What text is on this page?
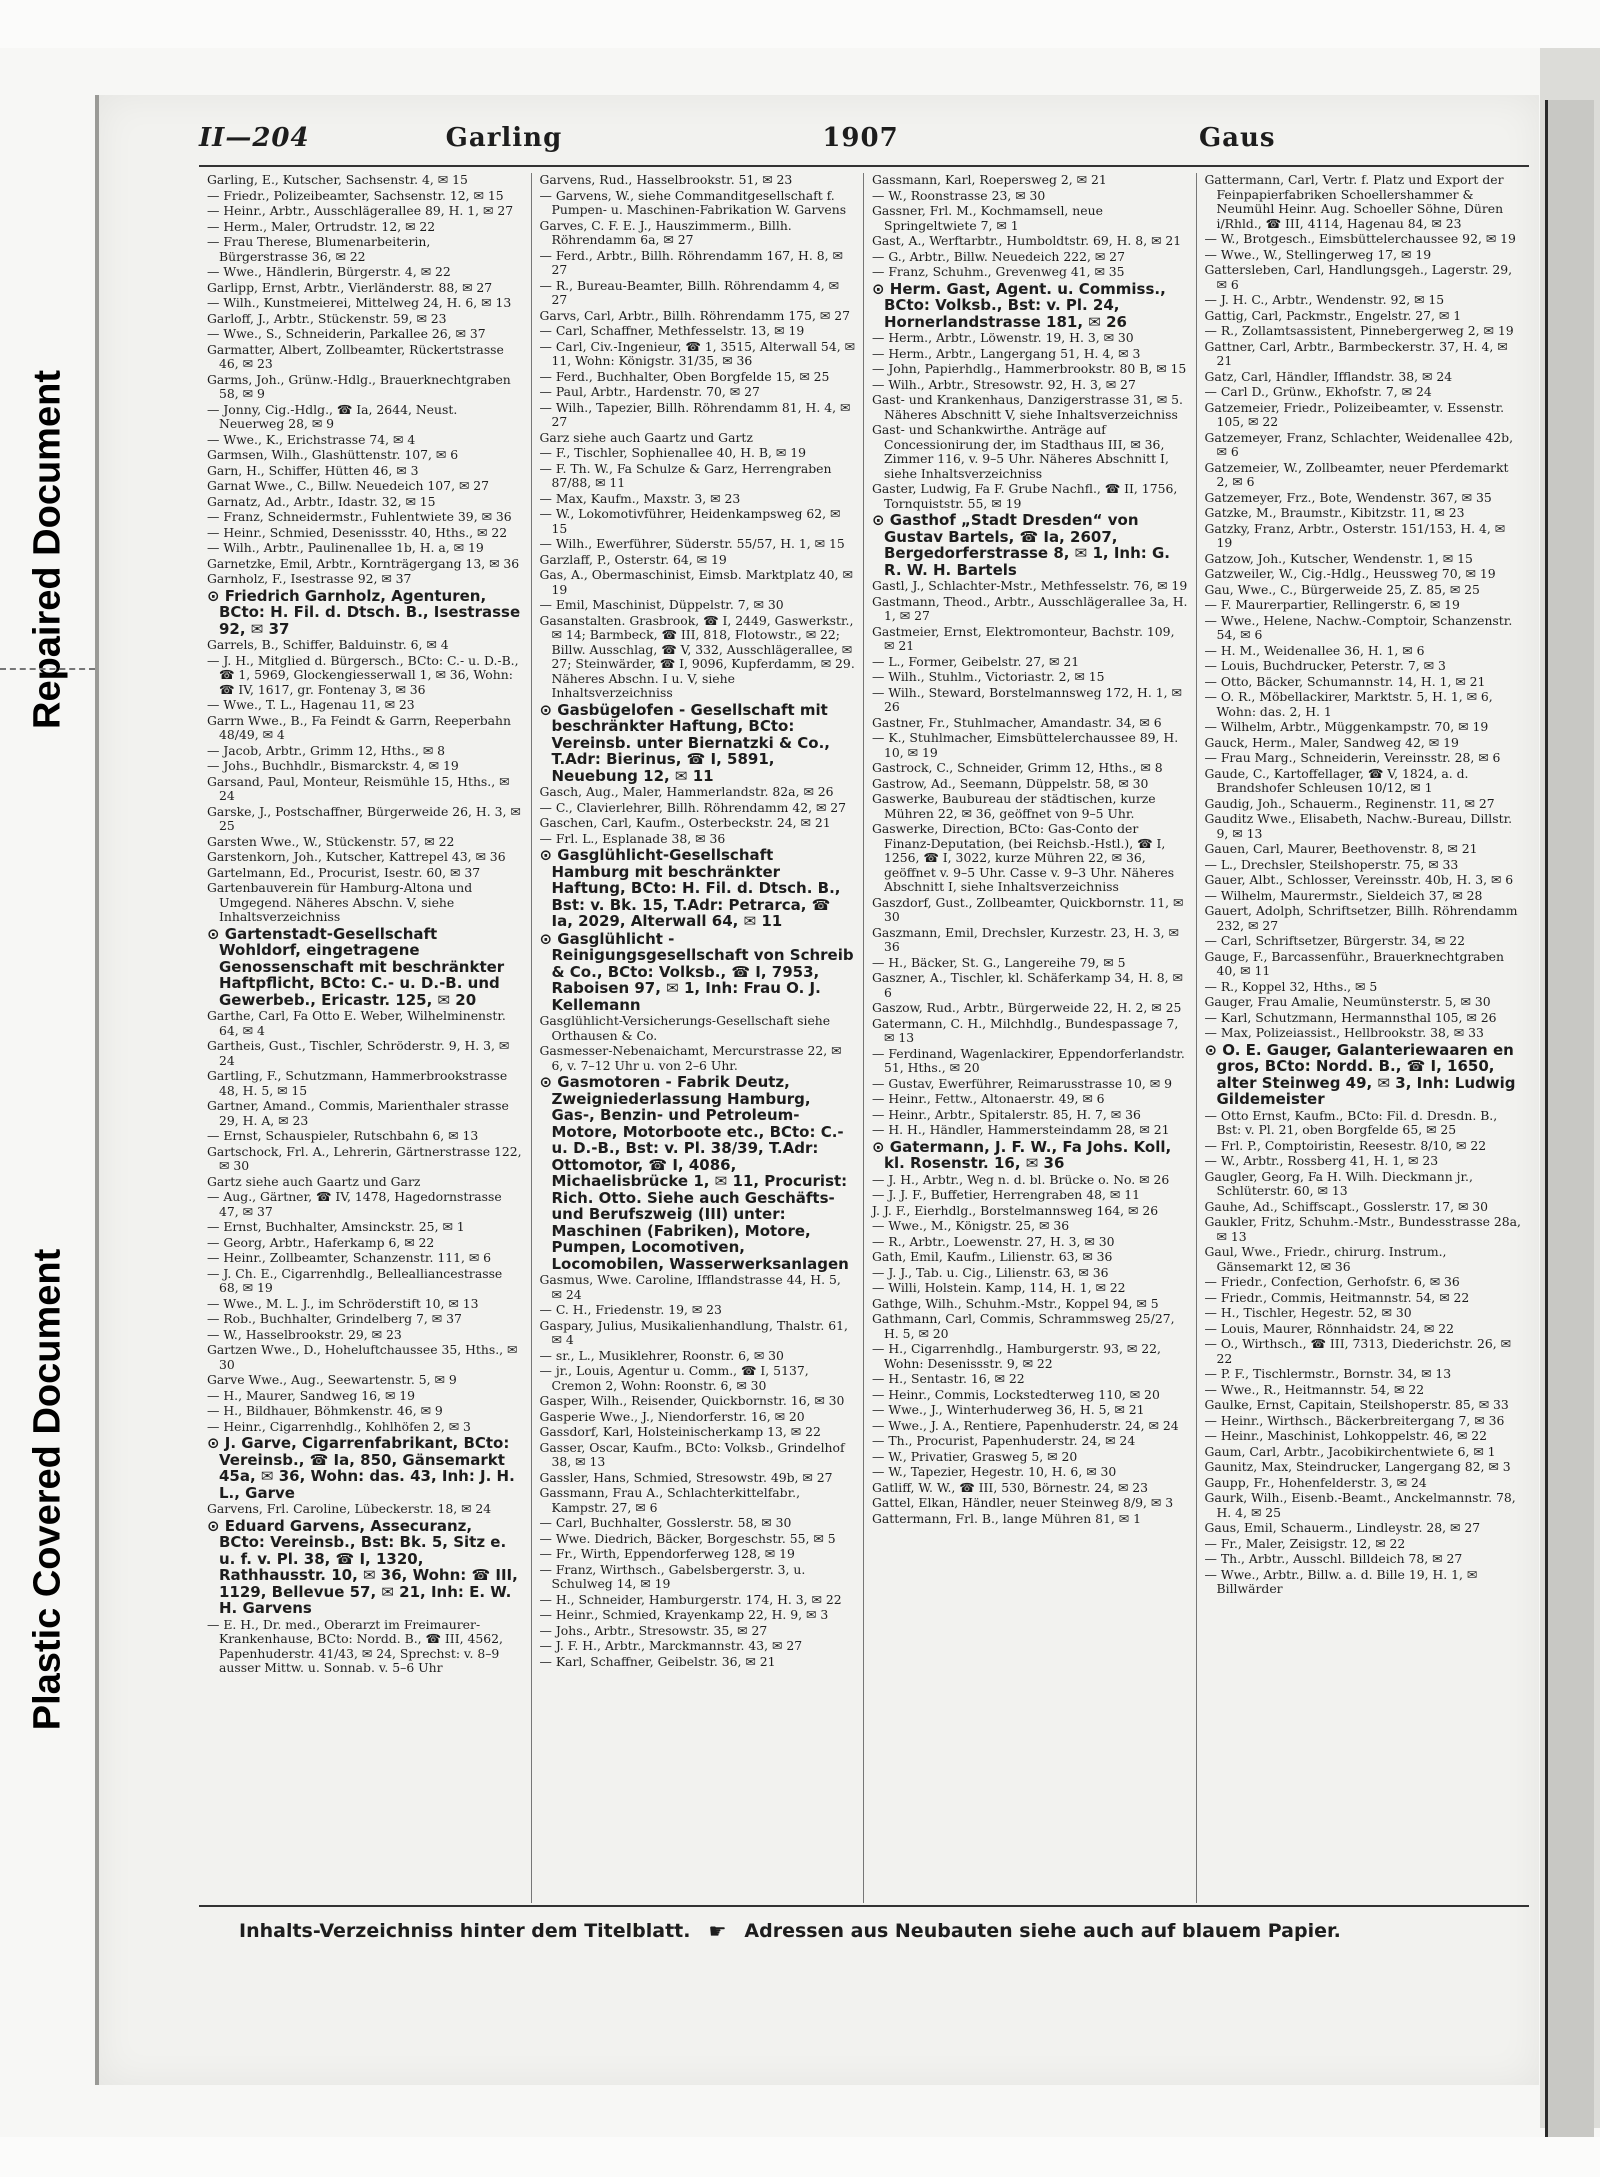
Repaired Document
Plastic Covered Document
II—204	Garling	1907	Gaus
Garling, E., Kutscher, Sachsenstr. 4, ✉ 15
— Friedr., Polizeibeamter, Sachsenstr. 12, ✉ 15
— Heinr., Arbtr., Ausschlägerallee 89, H. 1, ✉ 27
— Herm., Maler, Ortrudstr. 12, ✉ 22
— Frau Therese, Blumenarbeiterin, Bürgerstrasse 36, ✉ 22
— Wwe., Händlerin, Bürgerstr. 4, ✉ 22
Garlipp, Ernst, Arbtr., Vierländerstr. 88, ✉ 27
— Wilh., Kunstmeierei, Mittelweg 24, H. 6, ✉ 13
Garloff, J., Arbtr., Stückenstr. 59, ✉ 23
— Wwe., S., Schneiderin, Parkallee 26, ✉ 37
Garmatter, Albert, Zollbeamter, Rückertstrasse 46, ✉ 23
Garms, Joh., Grünw.-Hdlg., Brauerknechtgraben 58, ✉ 9
— Jonny, Cig.-Hdlg., ☎ Ia, 2644, Neust. Neuerweg 28, ✉ 9
— Wwe., K., Erichstrasse 74, ✉ 4
Garmsen, Wilh., Glashüttenstr. 107, ✉ 6
Garn, H., Schiffer, Hütten 46, ✉ 3
Garnat Wwe., C., Billw. Neuedeich 107, ✉ 27
Garnatz, Ad., Arbtr., Idastr. 32, ✉ 15
— Franz, Schneidermstr., Fuhlentwiete 39, ✉ 36
— Heinr., Schmied, Desenissstr. 40, Hths., ✉ 22
— Wilh., Arbtr., Paulinenallee 1b, H. a, ✉ 19
Garnetzke, Emil, Arbtr., Kornträgergang 13, ✉ 36
Garnholz, F., Isestrasse 92, ✉ 37
⊙ Friedrich Garnholz, Agenturen, BCto: H. Fil. d. Dtsch. B., Isestrasse 92, ✉ 37
Garrels, B., Schiffer, Balduinstr. 6, ✉ 4
— J. H., Mitglied d. Bürgersch., BCto: C.- u. D.-B., ☎ 1, 5969, Glockengiesserwall 1, ✉ 36, Wohn: ☎ IV, 1617, gr. Fontenay 3, ✉ 36
— Wwe., T. L., Hagenau 11, ✉ 23
Garrn Wwe., B., Fa Feindt & Garrn, Reeperbahn 48/49, ✉ 4
— Jacob, Arbtr., Grimm 12, Hths., ✉ 8
— Johs., Buchhdlr., Bismarckstr. 4, ✉ 19
Garsand, Paul, Monteur, Reismühle 15, Hths., ✉ 24
Garske, J., Postschaffner, Bürgerweide 26, H. 3, ✉ 25
Garsten Wwe., W., Stückenstr. 57, ✉ 22
Garstenkorn, Joh., Kutscher, Kattrepel 43, ✉ 36
Gartelmann, Ed., Procurist, Isestr. 60, ✉ 37
Gartenbauverein für Hamburg-Altona und Umgegend. Näheres Abschn. V, siehe Inhaltsverzeichniss
⊙ Gartenstadt-Gesellschaft Wohldorf, eingetragene Genossenschaft mit beschränkter Haftpflicht, BCto: C.- u. D.-B. und Gewerbeb., Ericastr. 125, ✉ 20
Garthe, Carl, Fa Otto E. Weber, Wilhelminenstr. 64, ✉ 4
Gartheis, Gust., Tischler, Schröderstr. 9, H. 3, ✉ 24
Gartling, F., Schutzmann, Hammerbrookstrasse 48, H. 5, ✉ 15
Gartner, Amand., Commis, Marienthaler strasse 29, H. A, ✉ 23
— Ernst, Schauspieler, Rutschbahn 6, ✉ 13
Gartschock, Frl. A., Lehrerin, Gärtnerstrasse 122, ✉ 30
Gartz siehe auch Gaartz und Garz
— Aug., Gärtner, ☎ IV, 1478, Hagedornstrasse 47, ✉ 37
— Ernst, Buchhalter, Amsinckstr. 25, ✉ 1
— Georg, Arbtr., Haferkamp 6, ✉ 22
— Heinr., Zollbeamter, Schanzenstr. 111, ✉ 6
— J. Ch. E., Cigarrenhdlg., Bellealliancestrasse 68, ✉ 19
— Wwe., M. L. J., im Schröderstift 10, ✉ 13
— Rob., Buchhalter, Grindelberg 7, ✉ 37
— W., Hasselbrookstr. 29, ✉ 23
Gartzen Wwe., D., Hoheluftchaussee 35, Hths., ✉ 30
Garve Wwe., Aug., Seewartenstr. 5, ✉ 9
— H., Maurer, Sandweg 16, ✉ 19
— H., Bildhauer, Böhmkenstr. 46, ✉ 9
— Heinr., Cigarrenhdlg., Kohlhöfen 2, ✉ 3
⊙ J. Garve, Cigarrenfabrikant, BCto: Vereinsb., ☎ Ia, 850, Gänsemarkt 45a, ✉ 36, Wohn: das. 43, Inh: J. H. L., Garve
Garvens, Frl. Caroline, Lübeckerstr. 18, ✉ 24
⊙ Eduard Garvens, Assecuranz, BCto: Vereinsb., Bst: Bk. 5, Sitz e. u. f. v. Pl. 38, ☎ I, 1320, Rathhausstr. 10, ✉ 36, Wohn: ☎ III, 1129, Bellevue 57, ✉ 21, Inh: E. W. H. Garvens
— E. H., Dr. med., Oberarzt im Freimaurer-Krankenhause, BCto: Nordd. B., ☎ III, 4562, Papenhuderstr. 41/43, ✉ 24, Sprechst: v. 8–9 ausser Mittw. u. Sonnab. v. 5–6 Uhr
Garvens, Rud., Hasselbrookstr. 51, ✉ 23
— Garvens, W., siehe Commanditgesellschaft f. Pumpen- u. Maschinen-Fabrikation W. Garvens
Garves, C. F. E. J., Hauszimmerm., Billh. Röhrendamm 6a, ✉ 27
— Ferd., Arbtr., Billh. Röhrendamm 167, H. 8, ✉ 27
— R., Bureau-Beamter, Billh. Röhrendamm 4, ✉ 27
Garvs, Carl, Arbtr., Billh. Röhrendamm 175, ✉ 27
— Carl, Schaffner, Methfesselstr. 13, ✉ 19
— Carl, Civ.-Ingenieur, ☎ 1, 3515, Alterwall 54, ✉ 11, Wohn: Königstr. 31/35, ✉ 36
— Ferd., Buchhalter, Oben Borgfelde 15, ✉ 25
— Paul, Arbtr., Hardenstr. 70, ✉ 27
— Wilh., Tapezier, Billh. Röhrendamm 81, H. 4, ✉ 27
Garz siehe auch Gaartz und Gartz
— F., Tischler, Sophienallee 40, H. B, ✉ 19
— F. Th. W., Fa Schulze & Garz, Herrengraben 87/88, ✉ 11
— Max, Kaufm., Maxstr. 3, ✉ 23
— W., Lokomotivführer, Heidenkampsweg 62, ✉ 15
— Wilh., Ewerführer, Süderstr. 55/57, H. 1, ✉ 15
Garzlaff, P., Osterstr. 64, ✉ 19
Gas, A., Obermaschinist, Eimsb. Marktplatz 40, ✉ 19
— Emil, Maschinist, Düppelstr. 7, ✉ 30
Gasanstalten. Grasbrook, ☎ I, 2449, Gaswerkstr., ✉ 14; Barmbeck, ☎ III, 818, Flotowstr., ✉ 22; Billw. Ausschlag, ☎ V, 332, Ausschlägerallee, ✉ 27; Steinwärder, ☎ I, 9096, Kupferdamm, ✉ 29. Näheres Abschn. I u. V, siehe Inhaltsverzeichniss
⊙ Gasbügelofen - Gesellschaft mit beschränkter Haftung, BCto: Vereinsb. unter Biernatzki & Co., T.Adr: Bierinus, ☎ I, 5891, Neuebung 12, ✉ 11
Gasch, Aug., Maler, Hammerlandstr. 82a, ✉ 26
— C., Clavierlehrer, Billh. Röhrendamm 42, ✉ 27
Gaschen, Carl, Kaufm., Osterbeckstr. 24, ✉ 21
— Frl. L., Esplanade 38, ✉ 36
⊙ Gasglühlicht-Gesellschaft Hamburg mit beschränkter Haftung, BCto: H. Fil. d. Dtsch. B., Bst: v. Bk. 15, T.Adr: Petrarca, ☎ Ia, 2029, Alterwall 64, ✉ 11
⊙ Gasglühlicht - Reinigungsgesellschaft von Schreib & Co., BCto: Volksb., ☎ I, 7953, Raboisen 97, ✉ 1, Inh: Frau O. J. Kellemann
Gasglühlicht-Versicherungs-Gesellschaft siehe Orthausen & Co.
Gasmesser-Nebenaichamt, Mercurstrasse 22, ✉ 6, v. 7–12 Uhr u. von 2–6 Uhr.
⊙ Gasmotoren - Fabrik Deutz, Zweigniederlassung Hamburg, Gas-, Benzin- und Petroleum-Motore, Motorboote etc., BCto: C.- u. D.-B., Bst: v. Pl. 38/39, T.Adr: Ottomotor, ☎ I, 4086, Michaelisbrücke 1, ✉ 11, Procurist: Rich. Otto. Siehe auch Geschäfts- und Berufszweig (III) unter: Maschinen (Fabriken), Motore, Pumpen, Locomotiven, Locomobilen, Wasserwerksanlagen
Gasmus, Wwe. Caroline, Ifflandstrasse 44, H. 5, ✉ 24
— C. H., Friedenstr. 19, ✉ 23
Gaspary, Julius, Musikalienhandlung, Thalstr. 61, ✉ 4
— sr., L., Musiklehrer, Roonstr. 6, ✉ 30
— jr., Louis, Agentur u. Comm., ☎ I, 5137, Cremon 2, Wohn: Roonstr. 6, ✉ 30
Gasper, Wilh., Reisender, Quickbornstr. 16, ✉ 30
Gasperie Wwe., J., Niendorferstr. 16, ✉ 20
Gassdorf, Karl, Holsteinischerkamp 13, ✉ 22
Gasser, Oscar, Kaufm., BCto: Volksb., Grindelhof 38, ✉ 13
Gassler, Hans, Schmied, Stresowstr. 49b, ✉ 27
Gassmann, Frau A., Schlachterkittelfabr., Kampstr. 27, ✉ 6
— Carl, Buchhalter, Gosslerstr. 58, ✉ 30
— Wwe. Diedrich, Bäcker, Borgeschstr. 55, ✉ 5
— Fr., Wirth, Eppendorferweg 128, ✉ 19
— Franz, Wirthsch., Gabelsbergerstr. 3, u. Schulweg 14, ✉ 19
— H., Schneider, Hamburgerstr. 174, H. 3, ✉ 22
— Heinr., Schmied, Krayenkamp 22, H. 9, ✉ 3
— Johs., Arbtr., Stresowstr. 35, ✉ 27
— J. F. H., Arbtr., Marckmannstr. 43, ✉ 27
— Karl, Schaffner, Geibelstr. 36, ✉ 21
Gassmann, Karl, Roepersweg 2, ✉ 21
— W., Roonstrasse 23, ✉ 30
Gassner, Frl. M., Kochmamsell, neue Springeltwiete 7, ✉ 1
Gast, A., Werftarbtr., Humboldtstr. 69, H. 8, ✉ 21
— G., Arbtr., Billw. Neuedeich 222, ✉ 27
— Franz, Schuhm., Grevenweg 41, ✉ 35
⊙ Herm. Gast, Agent. u. Commiss., BCto: Volksb., Bst: v. Pl. 24, Hornerlandstrasse 181, ✉ 26
— Herm., Arbtr., Löwenstr. 19, H. 3, ✉ 30
— Herm., Arbtr., Langergang 51, H. 4, ✉ 3
— John, Papierhdlg., Hammerbrookstr. 80 B, ✉ 15
— Wilh., Arbtr., Stresowstr. 92, H. 3, ✉ 27
Gast- und Krankenhaus, Danzigerstrasse 31, ✉ 5. Näheres Abschnitt V, siehe Inhaltsverzeichniss
Gast- und Schankwirthe. Anträge auf Concessionirung der, im Stadthaus III, ✉ 36, Zimmer 116, v. 9–5 Uhr. Näheres Abschnitt I, siehe Inhaltsverzeichniss
Gaster, Ludwig, Fa F. Grube Nachfl., ☎ II, 1756, Tornquiststr. 55, ✉ 19
⊙ Gasthof „Stadt Dresden“ von Gustav Bartels, ☎ Ia, 2607, Bergedorferstrasse 8, ✉ 1, Inh: G. R. W. H. Bartels
Gastl, J., Schlachter-Mstr., Methfesselstr. 76, ✉ 19
Gastmann, Theod., Arbtr., Ausschlägerallee 3a, H. 1, ✉ 27
Gastmeier, Ernst, Elektromonteur, Bachstr. 109, ✉ 21
— L., Former, Geibelstr. 27, ✉ 21
— Wilh., Stuhlm., Victoriastr. 2, ✉ 15
— Wilh., Steward, Borstelmannsweg 172, H. 1, ✉ 26
Gastner, Fr., Stuhlmacher, Amandastr. 34, ✉ 6
— K., Stuhlmacher, Eimsbüttelerchaussee 89, H. 10, ✉ 19
Gastrock, C., Schneider, Grimm 12, Hths., ✉ 8
Gastrow, Ad., Seemann, Düppelstr. 58, ✉ 30
Gaswerke, Baubureau der städtischen, kurze Mühren 22, ✉ 36, geöffnet von 9–5 Uhr.
Gaswerke, Direction, BCto: Gas-Conto der Finanz-Deputation, (bei Reichsb.-Hstl.), ☎ I, 1256, ☎ I, 3022, kurze Mühren 22, ✉ 36, geöffnet v. 9–5 Uhr. Casse v. 9–3 Uhr. Näheres Abschnitt I, siehe Inhaltsverzeichniss
Gaszdorf, Gust., Zollbeamter, Quickbornstr. 11, ✉ 30
Gaszmann, Emil, Drechsler, Kurzestr. 23, H. 3, ✉ 36
— H., Bäcker, St. G., Langereihe 79, ✉ 5
Gaszner, A., Tischler, kl. Schäferkamp 34, H. 8, ✉ 6
Gaszow, Rud., Arbtr., Bürgerweide 22, H. 2, ✉ 25
Gatermann, C. H., Milchhdlg., Bundespassage 7, ✉ 13
— Ferdinand, Wagenlackirer, Eppendorferlandstr. 51, Hths., ✉ 20
— Gustav, Ewerführer, Reimarusstrasse 10, ✉ 9
— Heinr., Fettw., Altonaerstr. 49, ✉ 6
— Heinr., Arbtr., Spitalerstr. 85, H. 7, ✉ 36
— H. H., Händler, Hammersteindamm 28, ✉ 21
⊙ Gatermann, J. F. W., Fa Johs. Koll, kl. Rosenstr. 16, ✉ 36
— J. H., Arbtr., Weg n. d. bl. Brücke o. No. ✉ 26
— J. J. F., Buffetier, Herrengraben 48, ✉ 11
J. J. F., Eierhdlg., Borstelmannsweg 164, ✉ 26
— Wwe., M., Königstr. 25, ✉ 36
— R., Arbtr., Loewenstr. 27, H. 3, ✉ 30
Gath, Emil, Kaufm., Lilienstr. 63, ✉ 36
— J. J., Tab. u. Cig., Lilienstr. 63, ✉ 36
— Willi, Holstein. Kamp, 114, H. 1, ✉ 22
Gathge, Wilh., Schuhm.-Mstr., Koppel 94, ✉ 5
Gathmann, Carl, Commis, Schrammsweg 25/27, H. 5, ✉ 20
— H., Cigarrenhdlg., Hamburgerstr. 93, ✉ 22, Wohn: Desenissstr. 9, ✉ 22
— H., Sentastr. 16, ✉ 22
— Heinr., Commis, Lockstedterweg 110, ✉ 20
— Wwe., J., Winterhuderweg 36, H. 5, ✉ 21
— Wwe., J. A., Rentiere, Papenhuderstr. 24, ✉ 24
— Th., Procurist, Papenhuderstr. 24, ✉ 24
— W., Privatier, Grasweg 5, ✉ 20
— W., Tapezier, Hegestr. 10, H. 6, ✉ 30
Gatliff, W. W., ☎ III, 530, Börnestr. 24, ✉ 23
Gattel, Elkan, Händler, neuer Steinweg 8/9, ✉ 3
Gattermann, Frl. B., lange Mühren 81, ✉ 1
Gattermann, Carl, Vertr. f. Platz und Export der Feinpapierfabriken Schoellershammer & Neumühl Heinr. Aug. Schoeller Söhne, Düren i/Rhld., ☎ III, 4114, Hagenau 84, ✉ 23
— W., Brotgesch., Eimsbüttelerchaussee 92, ✉ 19
— Wwe., W., Stellingerweg 17, ✉ 19
Gattersleben, Carl, Handlungsgeh., Lagerstr. 29, ✉ 6
— J. H. C., Arbtr., Wendenstr. 92, ✉ 15
Gattig, Carl, Packmstr., Engelstr. 27, ✉ 1
— R., Zollamtsassistent, Pinnebergerweg 2, ✉ 19
Gattner, Carl, Arbtr., Barmbeckerstr. 37, H. 4, ✉ 21
Gatz, Carl, Händler, Ifflandstr. 38, ✉ 24
— Carl D., Grünw., Ekhofstr. 7, ✉ 24
Gatzemeier, Friedr., Polizeibeamter, v. Essenstr. 105, ✉ 22
Gatzemeyer, Franz, Schlachter, Weidenallee 42b, ✉ 6
Gatzemeier, W., Zollbeamter, neuer Pferdemarkt 2, ✉ 6
Gatzemeyer, Frz., Bote, Wendenstr. 367, ✉ 35
Gatzke, M., Braumstr., Kibitzstr. 11, ✉ 23
Gatzky, Franz, Arbtr., Osterstr. 151/153, H. 4, ✉ 19
Gatzow, Joh., Kutscher, Wendenstr. 1, ✉ 15
Gatzweiler, W., Cig.-Hdlg., Heussweg 70, ✉ 19
Gau, Wwe., C., Bürgerweide 25, Z. 85, ✉ 25
— F. Maurerpartier, Rellingerstr. 6, ✉ 19
— Wwe., Helene, Nachw.-Comptoir, Schanzenstr. 54, ✉ 6
— H. M., Weidenallee 36, H. 1, ✉ 6
— Louis, Buchdrucker, Peterstr. 7, ✉ 3
— Otto, Bäcker, Schumannstr. 14, H. 1, ✉ 21
— O. R., Möbellackirer, Marktstr. 5, H. 1, ✉ 6, Wohn: das. 2, H. 1
— Wilhelm, Arbtr., Müggenkampstr. 70, ✉ 19
Gauck, Herm., Maler, Sandweg 42, ✉ 19
— Frau Marg., Schneiderin, Vereinsstr. 28, ✉ 6
Gaude, C., Kartoffellager, ☎ V, 1824, a. d. Brandshofer Schleusen 10/12, ✉ 1
Gaudig, Joh., Schauerm., Reginenstr. 11, ✉ 27
Gauditz Wwe., Elisabeth, Nachw.-Bureau, Dillstr. 9, ✉ 13
Gauen, Carl, Maurer, Beethovenstr. 8, ✉ 21
— L., Drechsler, Steilshoperstr. 75, ✉ 33
Gauer, Albt., Schlosser, Vereinsstr. 40b, H. 3, ✉ 6
— Wilhelm, Maurermstr., Sieldeich 37, ✉ 28
Gauert, Adolph, Schriftsetzer, Billh. Röhrendamm 232, ✉ 27
— Carl, Schriftsetzer, Bürgerstr. 34, ✉ 22
Gauge, F., Barcassenführ., Brauerknechtgraben 40, ✉ 11
— R., Koppel 32, Hths., ✉ 5
Gauger, Frau Amalie, Neumünsterstr. 5, ✉ 30
— Karl, Schutzmann, Hermannsthal 105, ✉ 26
— Max, Polizeiassist., Hellbrookstr. 38, ✉ 33
⊙ O. E. Gauger, Galanteriewaaren en gros, BCto: Nordd. B., ☎ I, 1650, alter Steinweg 49, ✉ 3, Inh: Ludwig Gildemeister
— Otto Ernst, Kaufm., BCto: Fil. d. Dresdn. B., Bst: v. Pl. 21, oben Borgfelde 65, ✉ 25
— Frl. P., Comptoiristin, Reesestr. 8/10, ✉ 22
— W., Arbtr., Rossberg 41, H. 1, ✉ 23
Gaugler, Georg, Fa H. Wilh. Dieckmann jr., Schlüterstr. 60, ✉ 13
Gauhe, Ad., Schiffscapt., Gosslerstr. 17, ✉ 30
Gaukler, Fritz, Schuhm.-Mstr., Bundesstrasse 28a, ✉ 13
Gaul, Wwe., Friedr., chirurg. Instrum., Gänsemarkt 12, ✉ 36
— Friedr., Confection, Gerhofstr. 6, ✉ 36
— Friedr., Commis, Heitmannstr. 54, ✉ 22
— H., Tischler, Hegestr. 52, ✉ 30
— Louis, Maurer, Rönnhaidstr. 24, ✉ 22
— O., Wirthsch., ☎ III, 7313, Diederichstr. 26, ✉ 22
— P. F., Tischlermstr., Bornstr. 34, ✉ 13
— Wwe., R., Heitmannstr. 54, ✉ 22
Gaulke, Ernst, Capitain, Steilshoperstr. 85, ✉ 33
— Heinr., Wirthsch., Bäckerbreitergang 7, ✉ 36
— Heinr., Maschinist, Lohkoppelstr. 46, ✉ 22
Gaum, Carl, Arbtr., Jacobikirchentwiete 6, ✉ 1
Gaunitz, Max, Steindrucker, Langergang 82, ✉ 3
Gaupp, Fr., Hohenfelderstr. 3, ✉ 24
Gaurk, Wilh., Eisenb.-Beamt., Anckelmannstr. 78, H. 4, ✉ 25
Gaus, Emil, Schauerm., Lindleystr. 28, ✉ 27
— Fr., Maler, Zeisigstr. 12, ✉ 22
— Th., Arbtr., Ausschl. Billdeich 78, ✉ 27
— Wwe., Arbtr., Billw. a. d. Bille 19, H. 1, ✉ Billwärder
Inhalts-Verzeichniss hinter dem Titelblatt. ☛ Adressen aus Neubauten siehe auch auf blauem Papier.
